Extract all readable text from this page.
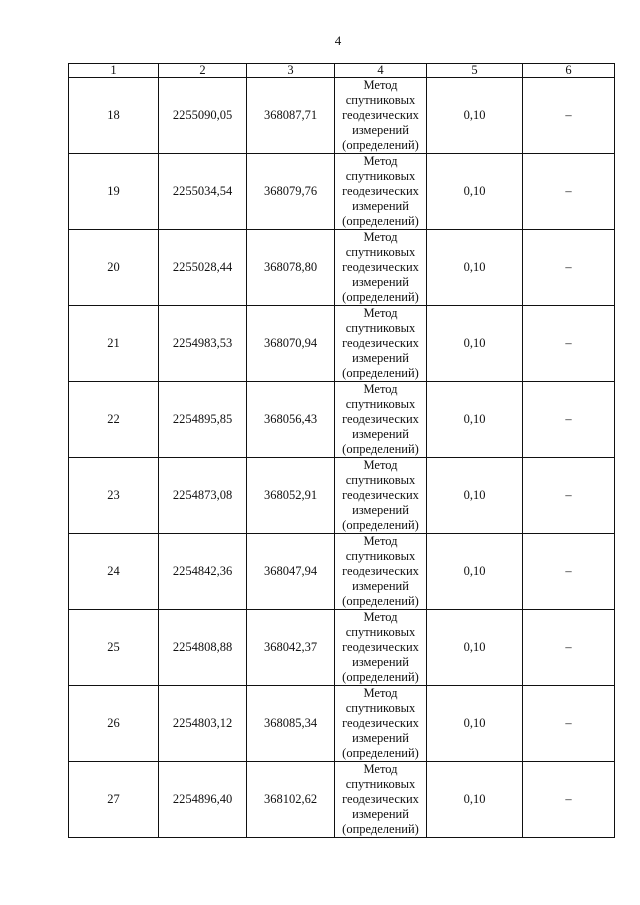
4
1	2	3	4	5	6
18	2255090,05	368087,71	Метод
спутниковых
геодезических
измерений
(определений)	0,10	–
19	2255034,54	368079,76	Метод
спутниковых
геодезических
измерений
(определений)	0,10	–
20	2255028,44	368078,80	Метод
спутниковых
геодезических
измерений
(определений)	0,10	–
21	2254983,53	368070,94	Метод
спутниковых
геодезических
измерений
(определений)	0,10	–
22	2254895,85	368056,43	Метод
спутниковых
геодезических
измерений
(определений)	0,10	–
23	2254873,08	368052,91	Метод
спутниковых
геодезических
измерений
(определений)	0,10	–
24	2254842,36	368047,94	Метод
спутниковых
геодезических
измерений
(определений)	0,10	–
25	2254808,88	368042,37	Метод
спутниковых
геодезических
измерений
(определений)	0,10	–
26	2254803,12	368085,34	Метод
спутниковых
геодезических
измерений
(определений)	0,10	–
27	2254896,40	368102,62	Метод
спутниковых
геодезических
измерений
(определений)	0,10	–
